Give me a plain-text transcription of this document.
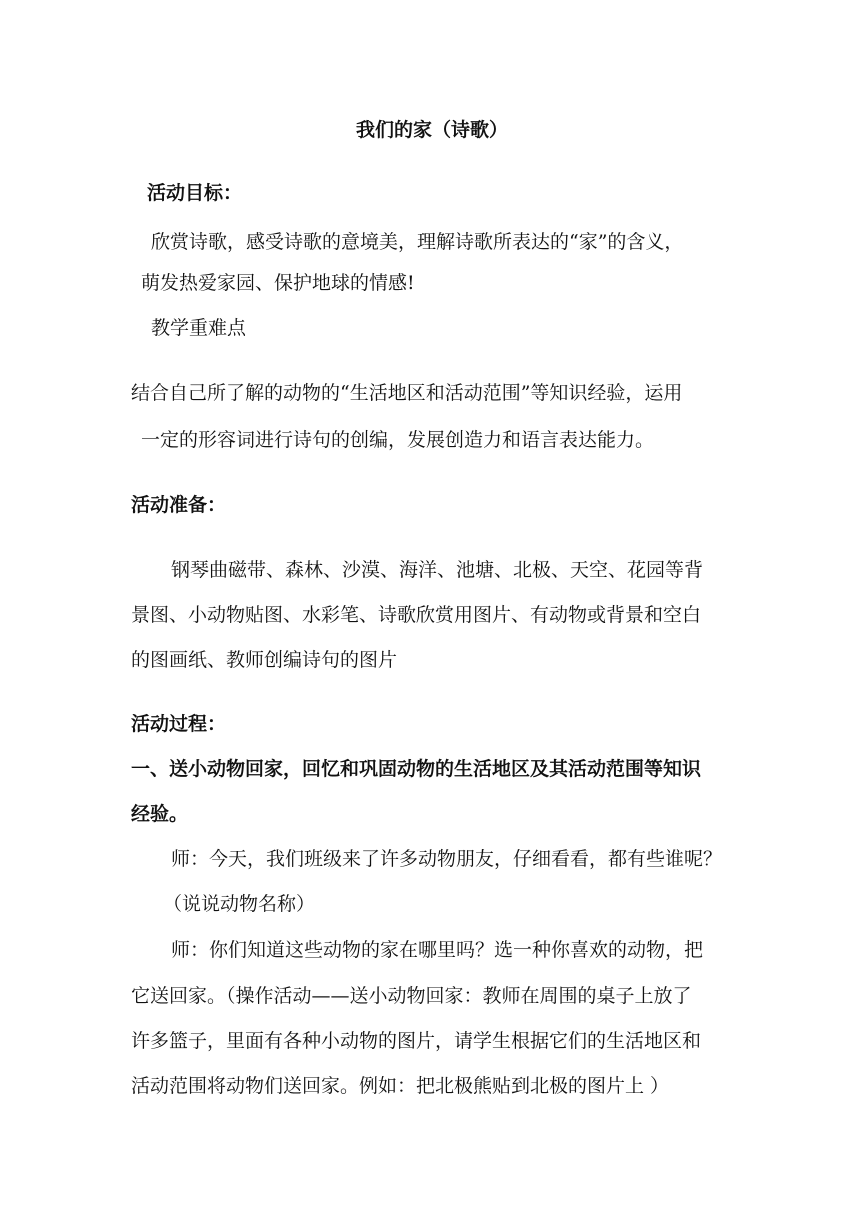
我们的家（诗歌）

活动目标：

欣赏诗歌，感受诗歌的意境美，理解诗歌所表达的“家”的含义，

萌发热爱家园、保护地球的情感!

教学重难点

结合自己所了解的动物的“生活地区和活动范围”等知识经验，运用

一定的形容词进行诗句的创编，发展创造力和语言表达能力。

活动准备：

钢琴曲磁带、森林、沙漠、海洋、池塘、北极、天空、花园等背

景图、小动物贴图、水彩笔、诗歌欣赏用图片、有动物或背景和空白

的图画纸、教师创编诗句的图片

活动过程：

一、送小动物回家，回忆和巩固动物的生活地区及其活动范围等知识

经验。

师：今天，我们班级来了许多动物朋友，仔细看看，都有些谁呢？

（说说动物名称）

师：你们知道这些动物的家在哪里吗？选一种你喜欢的动物，把

它送回家。（操作活动——送小动物回家：教师在周围的桌子上放了

许多篮子，里面有各种小动物的图片，请学生根据它们的生活地区和

活动范围将动物们送回家。例如：把北极熊贴到北极的图片上 ）
